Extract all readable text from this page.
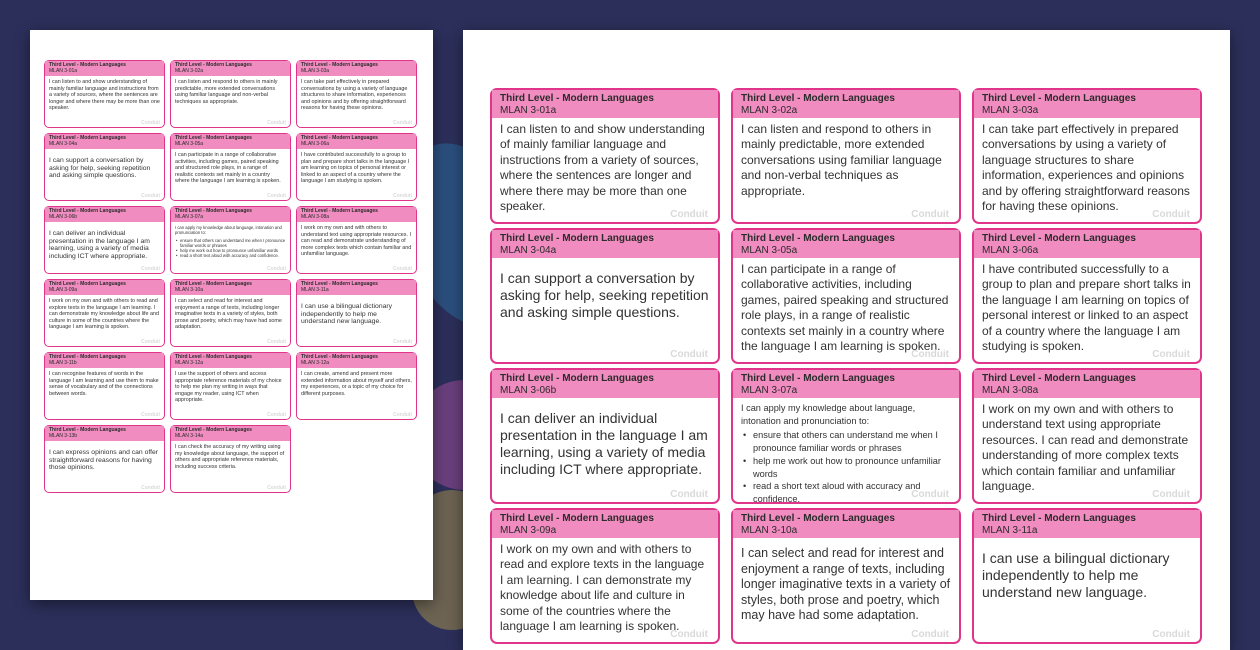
Third Level - Modern Languages
MLAN 3-01a
I can listen to and show understanding of mainly familiar language and instructions from a variety of sources, where the sentences are longer and where there may be more than one speaker.
Conduit
Third Level - Modern Languages
MLAN 3-02a
I can listen and respond to others in mainly predictable, more extended conversations using familiar language and non-verbal techniques as appropriate.
Conduit
Third Level - Modern Languages
MLAN 3-03a
I can take part effectively in prepared conversations by using a variety of language structures to share information, experiences and opinions and by offering straightforward reasons for having these opinions.
Conduit
Third Level - Modern Languages
MLAN 3-04a
I can support a conversation by asking for help, seeking repetition and asking simple questions.
Conduit
Third Level - Modern Languages
MLAN 3-05a
I can participate in a range of collaborative activities, including games, paired speaking and structured role plays, in a range of realistic contexts set mainly in a country where the language I am learning is spoken.
Conduit
Third Level - Modern Languages
MLAN 3-06a
I have contributed successfully to a group to plan and prepare short talks in the language I am learning on topics of personal interest or linked to an aspect of a country where the language I am studying is spoken.
Conduit
Third Level - Modern Languages
MLAN 3-06b
I can deliver an individual presentation in the language I am learning, using a variety of media including ICT where appropriate.
Conduit
Third Level - Modern Languages
MLAN 3-07a
I can apply my knowledge about language, intonation and pronunciation to:
• ensure that others can understand me when I pronounce familiar words or phrases
• help me work out how to pronounce unfamiliar words
• read a short text aloud with accuracy and confidence.
Conduit
Third Level - Modern Languages
MLAN 3-08a
I work on my own and with others to understand text using appropriate resources. I can read and demonstrate understanding of more complex texts which contain familiar and unfamiliar language.
Conduit
Third Level - Modern Languages
MLAN 3-09a
I work on my own and with others to read and explore texts in the language I am learning. I can demonstrate my knowledge about life and culture in some of the countries where the language I am learning is spoken.
Conduit
Third Level - Modern Languages
MLAN 3-10a
I can select and read for interest and enjoyment a range of texts, including longer imaginative texts in a variety of styles, both prose and poetry, which may have had some adaptation.
Conduit
Third Level - Modern Languages
MLAN 3-11a
I can use a bilingual dictionary independently to help me understand new language.
Conduit
Third Level - Modern Languages
MLAN 3-11b
I can recognise features of words in the language I am learning and use them to make sense of vocabulary and of the connections between words.
Conduit
Third Level - Modern Languages
MLAN 3-12a
I use the support of others and access appropriate reference materials of my choice to help me plan my writing in ways that engage my reader, using ICT when appropriate.
Conduit
Third Level - Modern Languages
MLAN 3-12a
I can create, amend and present more extended information about myself and others, my experiences, or a topic of my choice for different purposes.
Conduit
Third Level - Modern Languages
MLAN 3-13b
I can express opinions and can offer straightforward reasons for having those opinions.
Conduit
Third Level - Modern Languages
MLAN 3-14a
I can check the accuracy of my writing using my knowledge about language, the support of others and appropriate reference materials, including success criteria.
Conduit
Third Level - Modern Languages
MLAN 3-01a
I can listen to and show understanding of mainly familiar language and instructions from a variety of sources, where the sentences are longer and where there may be more than one speaker.
Conduit
Third Level - Modern Languages
MLAN 3-02a
I can listen and respond to others in mainly predictable, more extended conversations using familiar language and non-verbal techniques as appropriate.
Conduit
Third Level - Modern Languages
MLAN 3-03a
I can take part effectively in prepared conversations by using a variety of language structures to share information, experiences and opinions and by offering straightforward reasons for having these opinions.
Conduit
Third Level - Modern Languages
MLAN 3-04a
I can support a conversation by asking for help, seeking repetition and asking simple questions.
Conduit
Third Level - Modern Languages
MLAN 3-05a
I can participate in a range of collaborative activities, including games, paired speaking and structured role plays, in a range of realistic contexts set mainly in a country where the language I am learning is spoken.
Conduit
Third Level - Modern Languages
MLAN 3-06a
I have contributed successfully to a group to plan and prepare short talks in the language I am learning on topics of personal interest or linked to an aspect of a country where the language I am studying is spoken.
Conduit
Third Level - Modern Languages
MLAN 3-06b
I can deliver an individual presentation in the language I am learning, using a variety of media including ICT where appropriate.
Conduit
Third Level - Modern Languages
MLAN 3-07a
I can apply my knowledge about language, intonation and pronunciation to:
• ensure that others can understand me when I pronounce familiar words or phrases
• help me work out how to pronounce unfamiliar words
• read a short text aloud with accuracy and confidence.	Conduit
Third Level - Modern Languages
MLAN 3-08a
I work on my own and with others to understand text using appropriate resources. I can read and demonstrate understanding of more complex texts which contain familiar and unfamiliar language.
Conduit
Third Level - Modern Languages
MLAN 3-09a
I work on my own and with others to read and explore texts in the language I am learning. I can demonstrate my knowledge about life and culture in some of the countries where the language I am learning is spoken.
Conduit
Third Level - Modern Languages
MLAN 3-10a
I can select and read for interest and enjoyment a range of texts, including longer imaginative texts in a variety of styles, both prose and poetry, which may have had some adaptation.
Conduit
Third Level - Modern Languages
MLAN 3-11a
I can use a bilingual dictionary independently to help me understand new language.
Conduit
